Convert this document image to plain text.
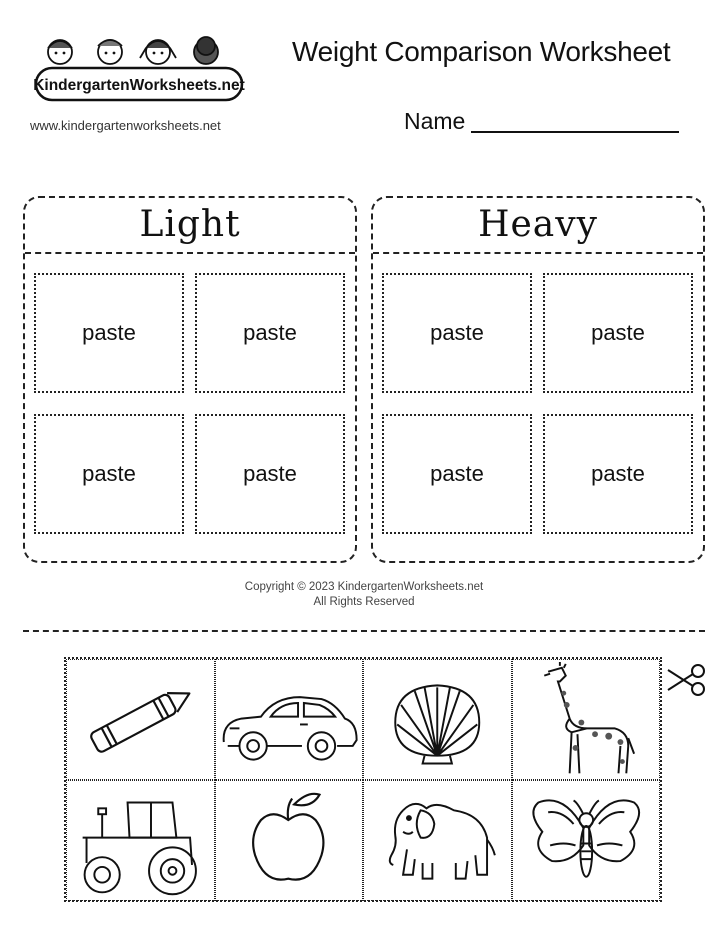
KindergartenWorksheets.net
www.kindergartenworksheets.net
Weight Comparison Worksheet
Name
Light
paste	paste
paste	paste
Heavy
paste	paste
paste	paste
Copyright © 2023 KindergartenWorksheets.net
All Rights Reserved
